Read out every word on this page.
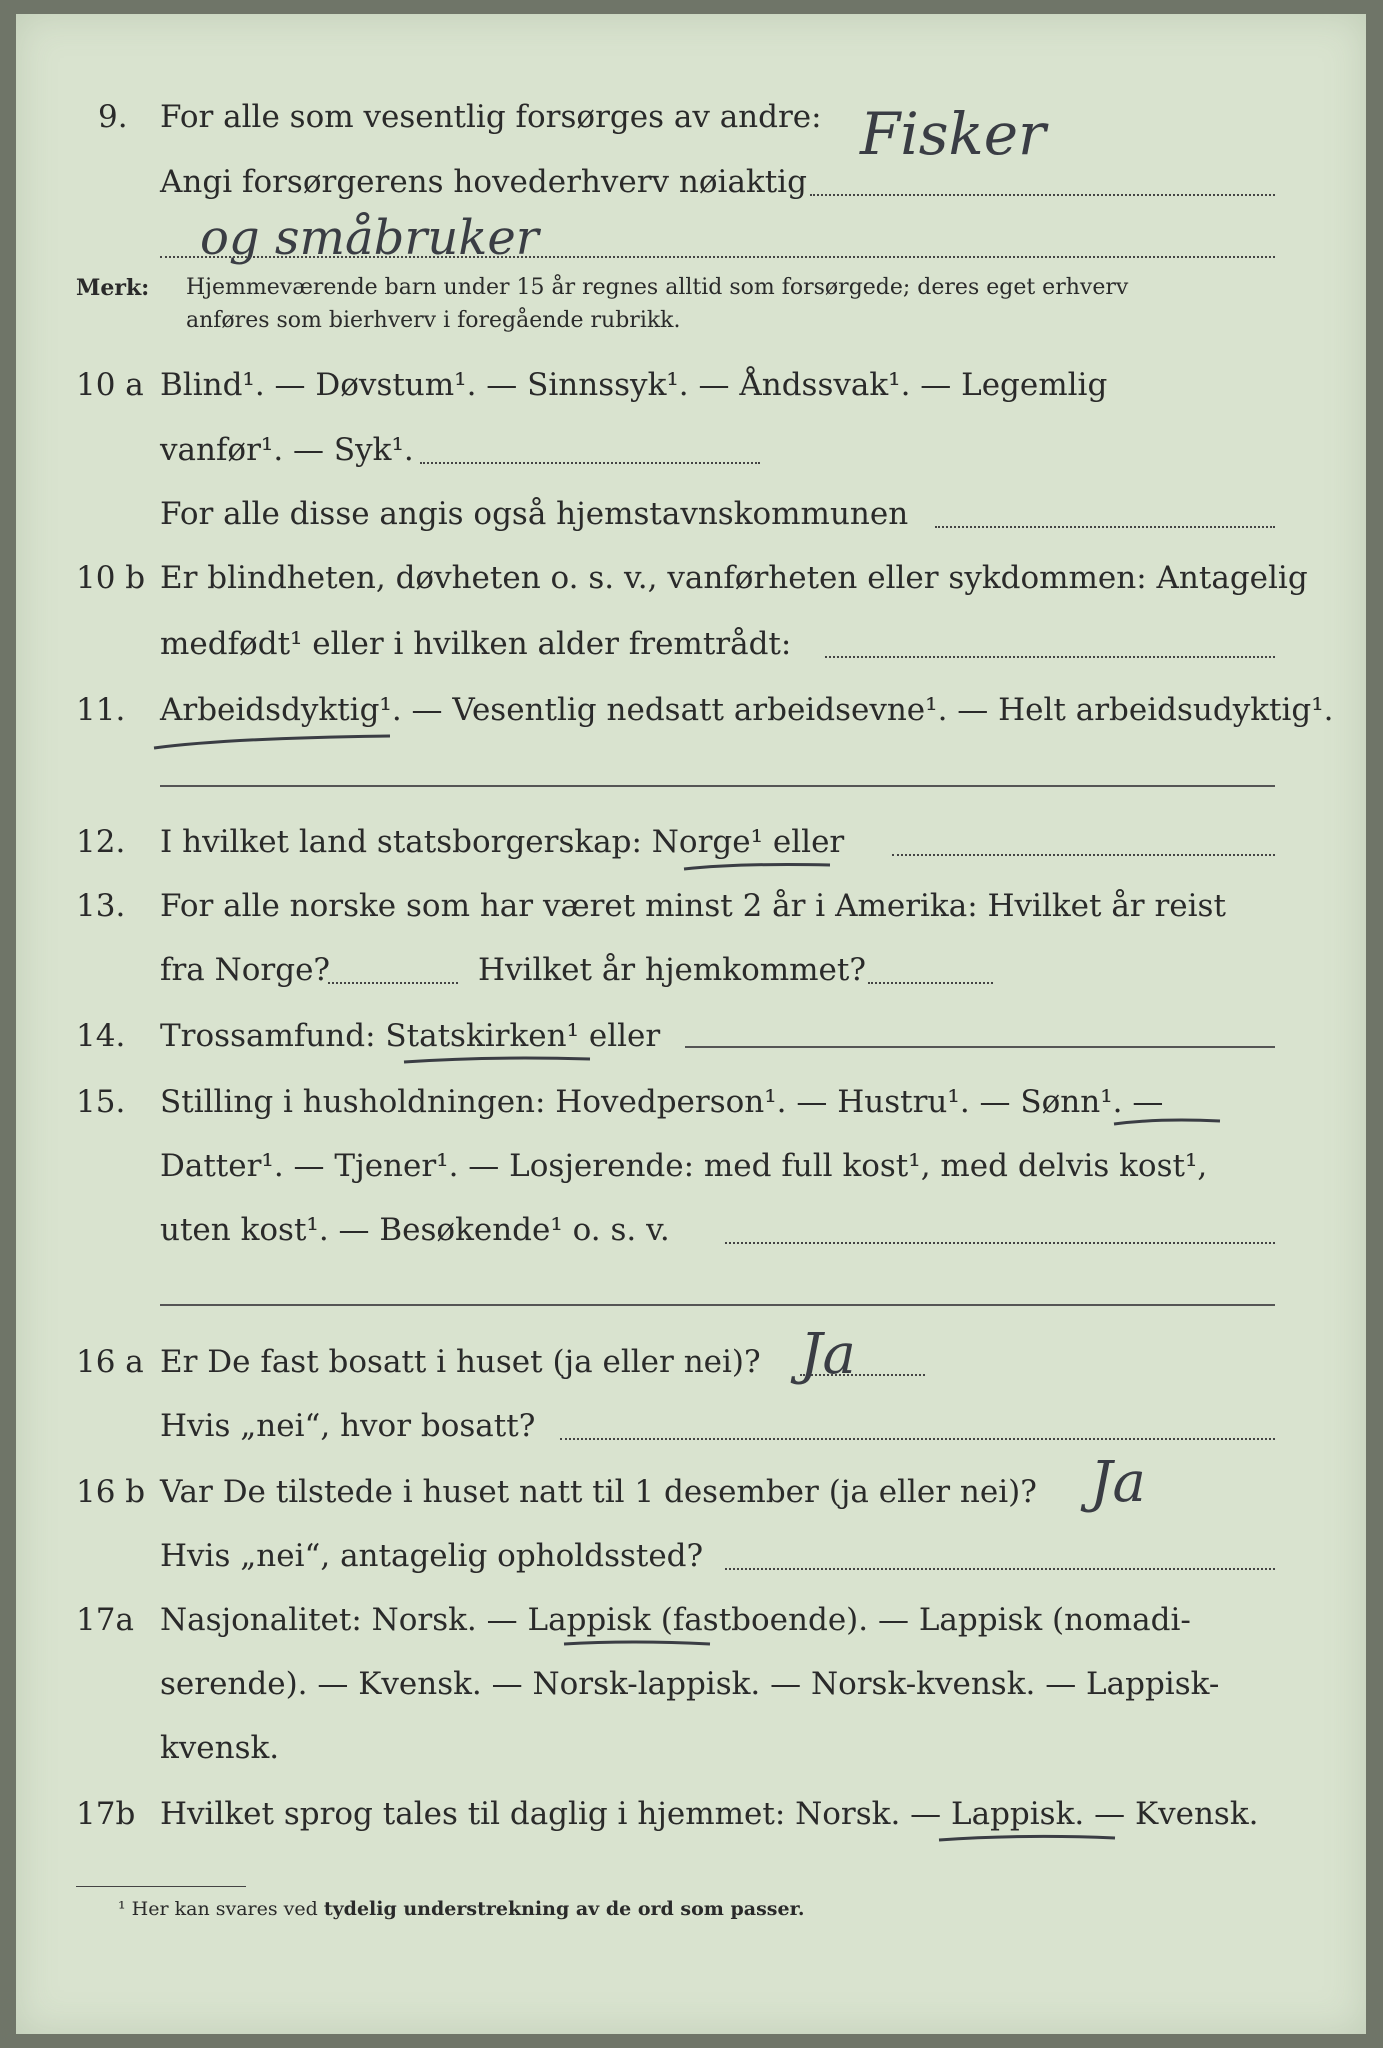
9. For alle som vesentlig forsørges av andre:
Angi forsørgerens hovederhverv nøiaktig
Fisker
og småbruker
Merk: Hjemmeværende barn under 15 år regnes alltid som forsørgede; deres eget erhverv
anføres som bierhverv i foregående rubrikk.
10 a Blind¹. — Døvstum¹. — Sinnssyk¹. — Åndssvak¹. — Legemlig
vanfør¹. — Syk¹.
For alle disse angis også hjemstavnskommunen
10 b Er blindheten, døvheten o. s. v., vanførheten eller sykdommen: Antagelig
medfødt¹ eller i hvilken alder fremtrådt:
11. Arbeidsdyktig¹. — Vesentlig nedsatt arbeidsevne¹. — Helt arbeidsudyktig¹.
12. I hvilket land statsborgerskap: Norge¹ eller
13. For alle norske som har været minst 2 år i Amerika: Hvilket år reist
fra Norge?	Hvilket år hjemkommet?
14. Trossamfund: Statskirken¹ eller
15. Stilling i husholdningen: Hovedperson¹. — Hustru¹. — Sønn¹. —
Datter¹. — Tjener¹. — Losjerende: med full kost¹, med delvis kost¹,
uten kost¹. — Besøkende¹ o. s. v.
16 a Er De fast bosatt i huset (ja eller nei)? Ja
Hvis „nei“, hvor bosatt?
16 b Var De tilstede i huset natt til 1 desember (ja eller nei)? Ja
Hvis „nei“, antagelig opholdssted?
17a Nasjonalitet: Norsk. — Lappisk (fastboende). — Lappisk (nomadi-
serende). — Kvensk. — Norsk-lappisk. — Norsk-kvensk. — Lappisk-
kvensk.
17b Hvilket sprog tales til daglig i hjemmet: Norsk. — Lappisk. — Kvensk.
¹ Her kan svares ved tydelig understrekning av de ord som passer.
